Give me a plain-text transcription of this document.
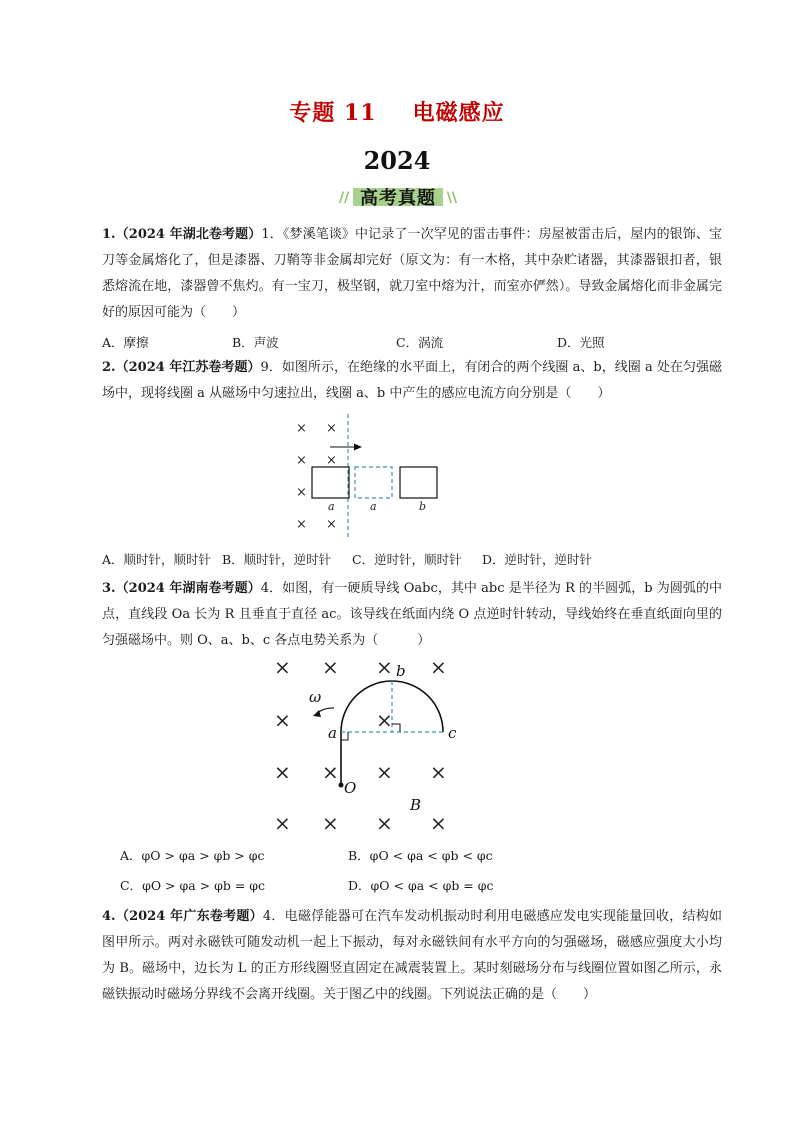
专题 11 电磁感应
2024
//	\\
高考真题

1.（2024 年湖北卷考题）1．《梦溪笔谈》中记录了一次罕见的雷击事件：房屋被雷击后，屋内的银饰、宝刀等金属熔化了，但是漆器、刀鞘等非金属却完好（原文为：有一木格，其中杂贮诸器，其漆器银扣者，银悉熔流在地，漆器曾不焦灼。有一宝刀，极坚钢，就刀室中熔为汁，而室亦俨然）。导致金属熔化而非金属完好的原因可能为（　　）

A．摩擦	B．声波	C．涡流	D．光照

2.（2024 年江苏卷考题）9．如图所示，在绝缘的水平面上，有闭合的两个线圈 a、b，线圈 a 处在匀强磁场中，现将线圈 a 从磁场中匀速拉出，线圈 a、b 中产生的感应电流方向分别是（　　）

× ×
× ×
×
× ×
a	a	b
A．顺时针，顺时针 B．顺时针，逆时针 C．逆时针，顺时针 D．逆时针，逆时针

3.（2024 年湖南卷考题）4．如图，有一硬质导线 Oabc，其中 abc 是半径为 R 的半圆弧，b 为圆弧的中点，直线段 Oa 长为 R 且垂直于直径 ac。该导线在纸面内绕 O 点逆时针转动，导线始终在垂直纸面向里的匀强磁场中。则 O、a、b、c 各点电势关系为（　　　）

× × × ×
×	×
× × × ×
× × × ×
ω
b
a	c
O
B
A．φO > φa > φb > φc	B．φO < φa < φb < φc
C．φO > φa > φb = φc	D．φO < φa < φb = φc

4.（2024 年广东卷考题）4．电磁俘能器可在汽车发动机振动时利用电磁感应发电实现能量回收，结构如图甲所示。两对永磁铁可随发动机一起上下振动，每对永磁铁间有水平方向的匀强磁场，磁感应强度大小均为 B。磁场中，边长为 L 的正方形线圈竖直固定在减震装置上。某时刻磁场分布与线圈位置如图乙所示，永磁铁振动时磁场分界线不会离开线圈。关于图乙中的线圈。下列说法正确的是（　　）
